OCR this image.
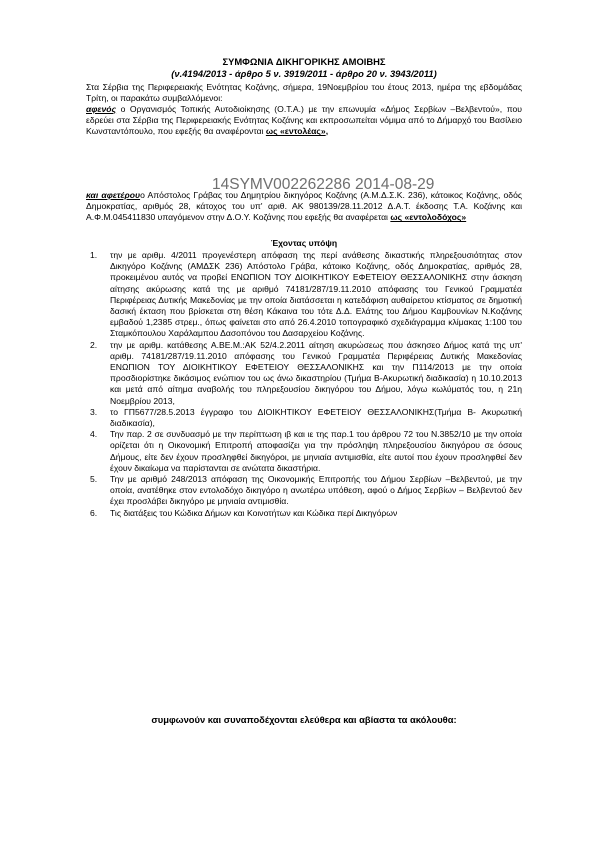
ΣΥΜΦΩΝΙΑ ΔΙΚΗΓΟΡΙΚΗΣ ΑΜΟΙΒΗΣ
(ν.4194/2013 - άρθρο 5 ν. 3919/2011 - άρθρο 20 ν. 3943/2011)
Στα Σέρβια της Περιφερειακής Ενότητας Κοζάνης, σήμερα, 19Νοεμβρίου του έτους 2013, ημέρα της εβδομάδας Τρίτη, οι παρακάτω συμβαλλόμενοι:
αφενός ο Οργανισμός Τοπικής Αυτοδιοίκησης (Ο.Τ.Α.) με την επωνυμία «Δήμος Σερβίων –Βελβεντού», που εδρεύει στα Σέρβια της Περιφερειακής Ενότητας Κοζάνης και εκπροσωπείται νόμιμα από το Δήμαρχό του Βασίλειο Κωνσταντόπουλο, που εφεξής θα αναφέρονται ως «εντολέας»,
14SYMV002262286 2014-08-29
και αφετέρουο Απόστολος Γράβας του Δημητρίου δικηγόρος Κοζάνης (Α.Μ.Δ.Σ.Κ. 236), κάτοικος Κοζάνης, οδός Δημοκρατίας, αριθμός 28, κάτοχος του υπ' αριθ. ΑΚ 980139/28.11.2012 Δ.Α.Τ. έκδοσης Τ.Α. Κοζάνης και Α.Φ.Μ.045411830 υπαγόμενον στην Δ.Ο.Υ. Κοζάνης που εφεξής θα αναφέρεται ως «εντολοδόχος»
Έχοντας υπόψη
1. την με αριθμ. 4/2011 προγενέστερη απόφαση της περί ανάθεσης δικαστικής πληρεξουσιότητας στον Δικηγόρο Κοζάνης (ΑΜΔΣΚ 236) Απόστολο Γράβα, κάτοικο Κοζάνης, οδός Δημοκρατίας, αριθμός 28, προκειμένου αυτός να προβεί ΕΝΩΠΙΟΝ ΤΟΥ ΔΙΟΙΚΗΤΙΚΟΥ ΕΦΕΤΕΙΟΥ ΘΕΣΣΑΛΟΝΙΚΗΣ στην άσκηση αίτησης ακύρωσης κατά της με αριθμό 74181/287/19.11.2010 απόφασης του Γενικού Γραμματέα Περιφέρειας Δυτικής Μακεδονίας με την οποία διατάσσεται η κατεδάφιση αυθαίρετου κτίσματος σε δημοτική δασική έκταση που βρίσκεται στη θέση Κάκαινα του τότε Δ.Δ. Ελάτης του Δήμου Καμβουνίων Ν.Κοζάνης εμβαδού 1,2385 στρεμ., όπως φαίνεται στο από 26.4.2010 τοπογραφικό σχεδιάγραμμα κλίμακας 1:100 του Σταμκόπουλου Χαράλαμπου Δασοπόνου του Δασαρχείου Κοζάνης.
2. την με αριθμ. κατάθεσης Α.ΒΕ.Μ.:ΑΚ 52/4.2.2011 αίτηση ακυρώσεως που άσκησεο Δήμος κατά της υπ' αριθμ. 74181/287/19.11.2010 απόφασης του Γενικού Γραμματέα Περιφέρειας Δυτικής Μακεδονίας ΕΝΩΠΙΟΝ ΤΟΥ ΔΙΟΙΚΗΤΙΚΟΥ ΕΦΕΤΕΙΟΥ ΘΕΣΣΑΛΟΝΙΚΗΣ και την Π114/2013 με την οποία προσδιορίστηκε δικάσιμος ενώπιον του ως άνω δικαστηρίου (Τμήμα Β-Ακυρωτική διαδικασία) η 10.10.2013 και μετά από αίτημα αναβολής του πληρεξουσίου δικηγόρου του Δήμου, λόγω κωλύματός του, η 21η Νοεμβρίου 2013,
3. το ΓΠ5677/28.5.2013 έγγραφο του ΔΙΟΙΚΗΤΙΚΟΥ ΕΦΕΤΕΙΟΥ ΘΕΣΣΑΛΟΝΙΚΗΣ(Τμήμα Β- Ακυρωτική διαδικασία),
4. Την παρ. 2 σε συνδυασμό με την περίπτωση ιβ και ιε της παρ.1 του άρθρου 72 του Ν.3852/10 με την οποία ορίζεται ότι η Οικονομική Επιτροπή αποφασίζει για την πρόσληψη πληρεξουσίου δικηγόρου σε όσους Δήμους, είτε δεν έχουν προσληφθεί δικηγόροι, με μηνιαία αντιμισθία, είτε αυτοί που έχουν προσληφθεί δεν έχουν δικαίωμα να παρίστανται σε ανώτατα δικαστήρια.
5. Την με αριθμό 248/2013 απόφαση της Οικονομικής Επιτροπής του Δήμου Σερβίων –Βελβεντού, με την οποία, ανατέθηκε στον εντολοδόχο δικηγόρο η ανωτέρω υπόθεση, αφού ο Δήμος Σερβίων – Βελβεντού δεν έχει προσλάβει δικηγόρο με μηνιαία αντιμισθία.
6. Τις διατάξεις του Κώδικα Δήμων και Κοινοτήτων και Κώδικα περί Δικηγόρων
συμφωνούν και συναποδέχονται ελεύθερα και αβίαστα τα ακόλουθα:
